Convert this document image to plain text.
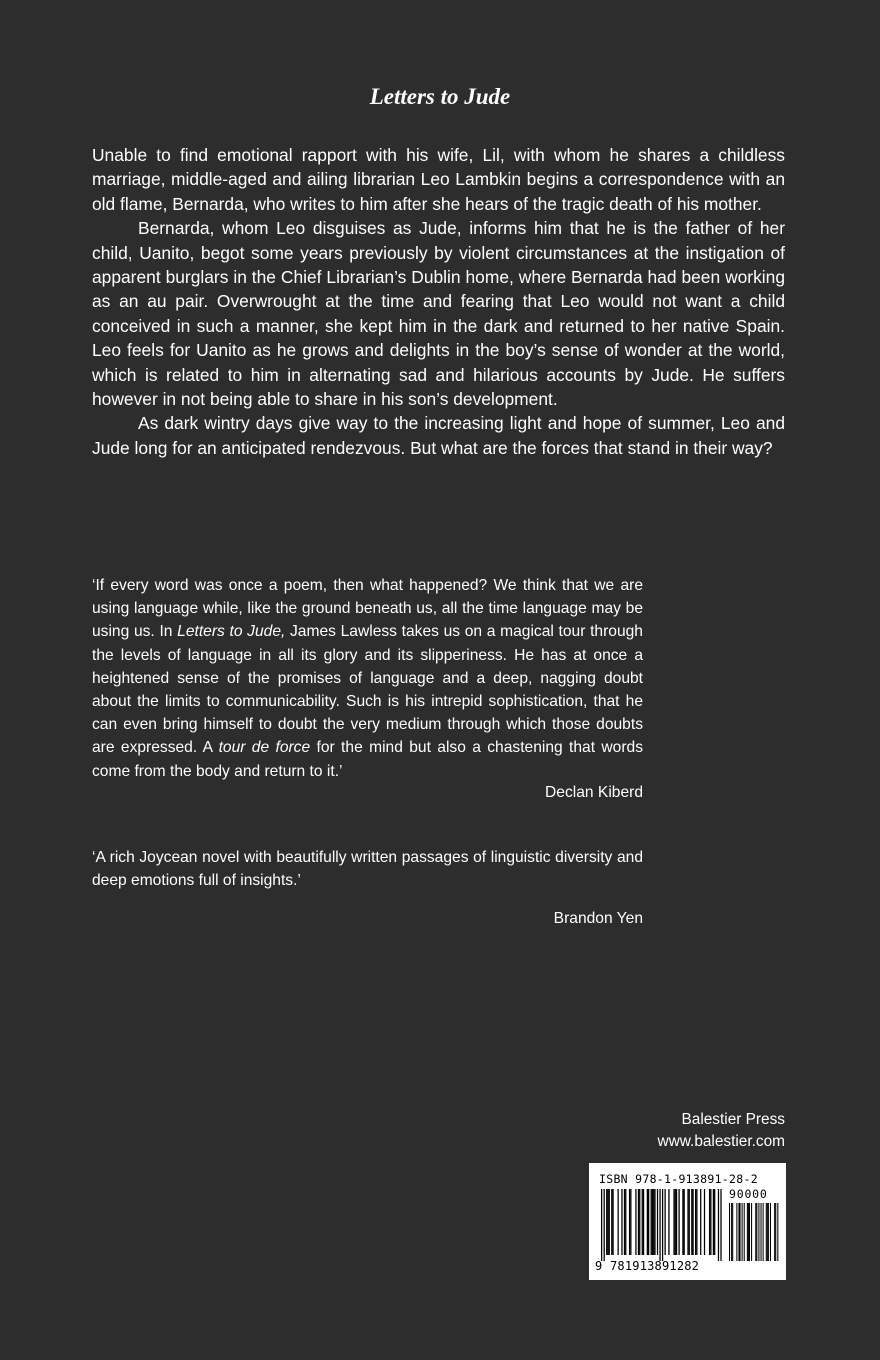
Letters to Jude

Unable to find emotional rapport with his wife, Lil, with whom he shares a childless marriage, middle-aged and ailing librarian Leo Lambkin begins a correspondence with an old flame, Bernarda, who writes to him after she hears of the tragic death of his mother.

Bernarda, whom Leo disguises as Jude, informs him that he is the father of her child, Uanito, begot some years previously by violent circumstances at the instigation of apparent burglars in the Chief Librarian’s Dublin home, where Bernarda had been working as an au pair. Overwrought at the time and fearing that Leo would not want a child conceived in such a manner, she kept him in the dark and returned to her native Spain. Leo feels for Uanito as he grows and delights in the boy’s sense of wonder at the world, which is related to him in alternating sad and hilarious accounts by Jude. He suffers however in not being able to share in his son’s development.

As dark wintry days give way to the increasing light and hope of summer, Leo and Jude long for an anticipated rendezvous. But what are the forces that stand in their way?

‘If every word was once a poem, then what happened? We think that we are using language while, like the ground beneath us, all the time language may be using us. In Letters to Jude, James Lawless takes us on a magical tour through the levels of language in all its glory and its slipperiness. He has at once a heightened sense of the promises of language and a deep, nagging doubt about the limits to communicability. Such is his intrepid sophistication, that he can even bring himself to doubt the very medium through which those doubts are expressed. A tour de force for the mind but also a chastening that words come from the body and return to it.’

Declan Kiberd

‘A rich Joycean novel with beautifully written passages of linguistic diversity and deep emotions full of insights.’

Brandon Yen

Balestier Press
www.balestier.com
ISBN 978-1-913891-28-2
90000
9 781913891282
